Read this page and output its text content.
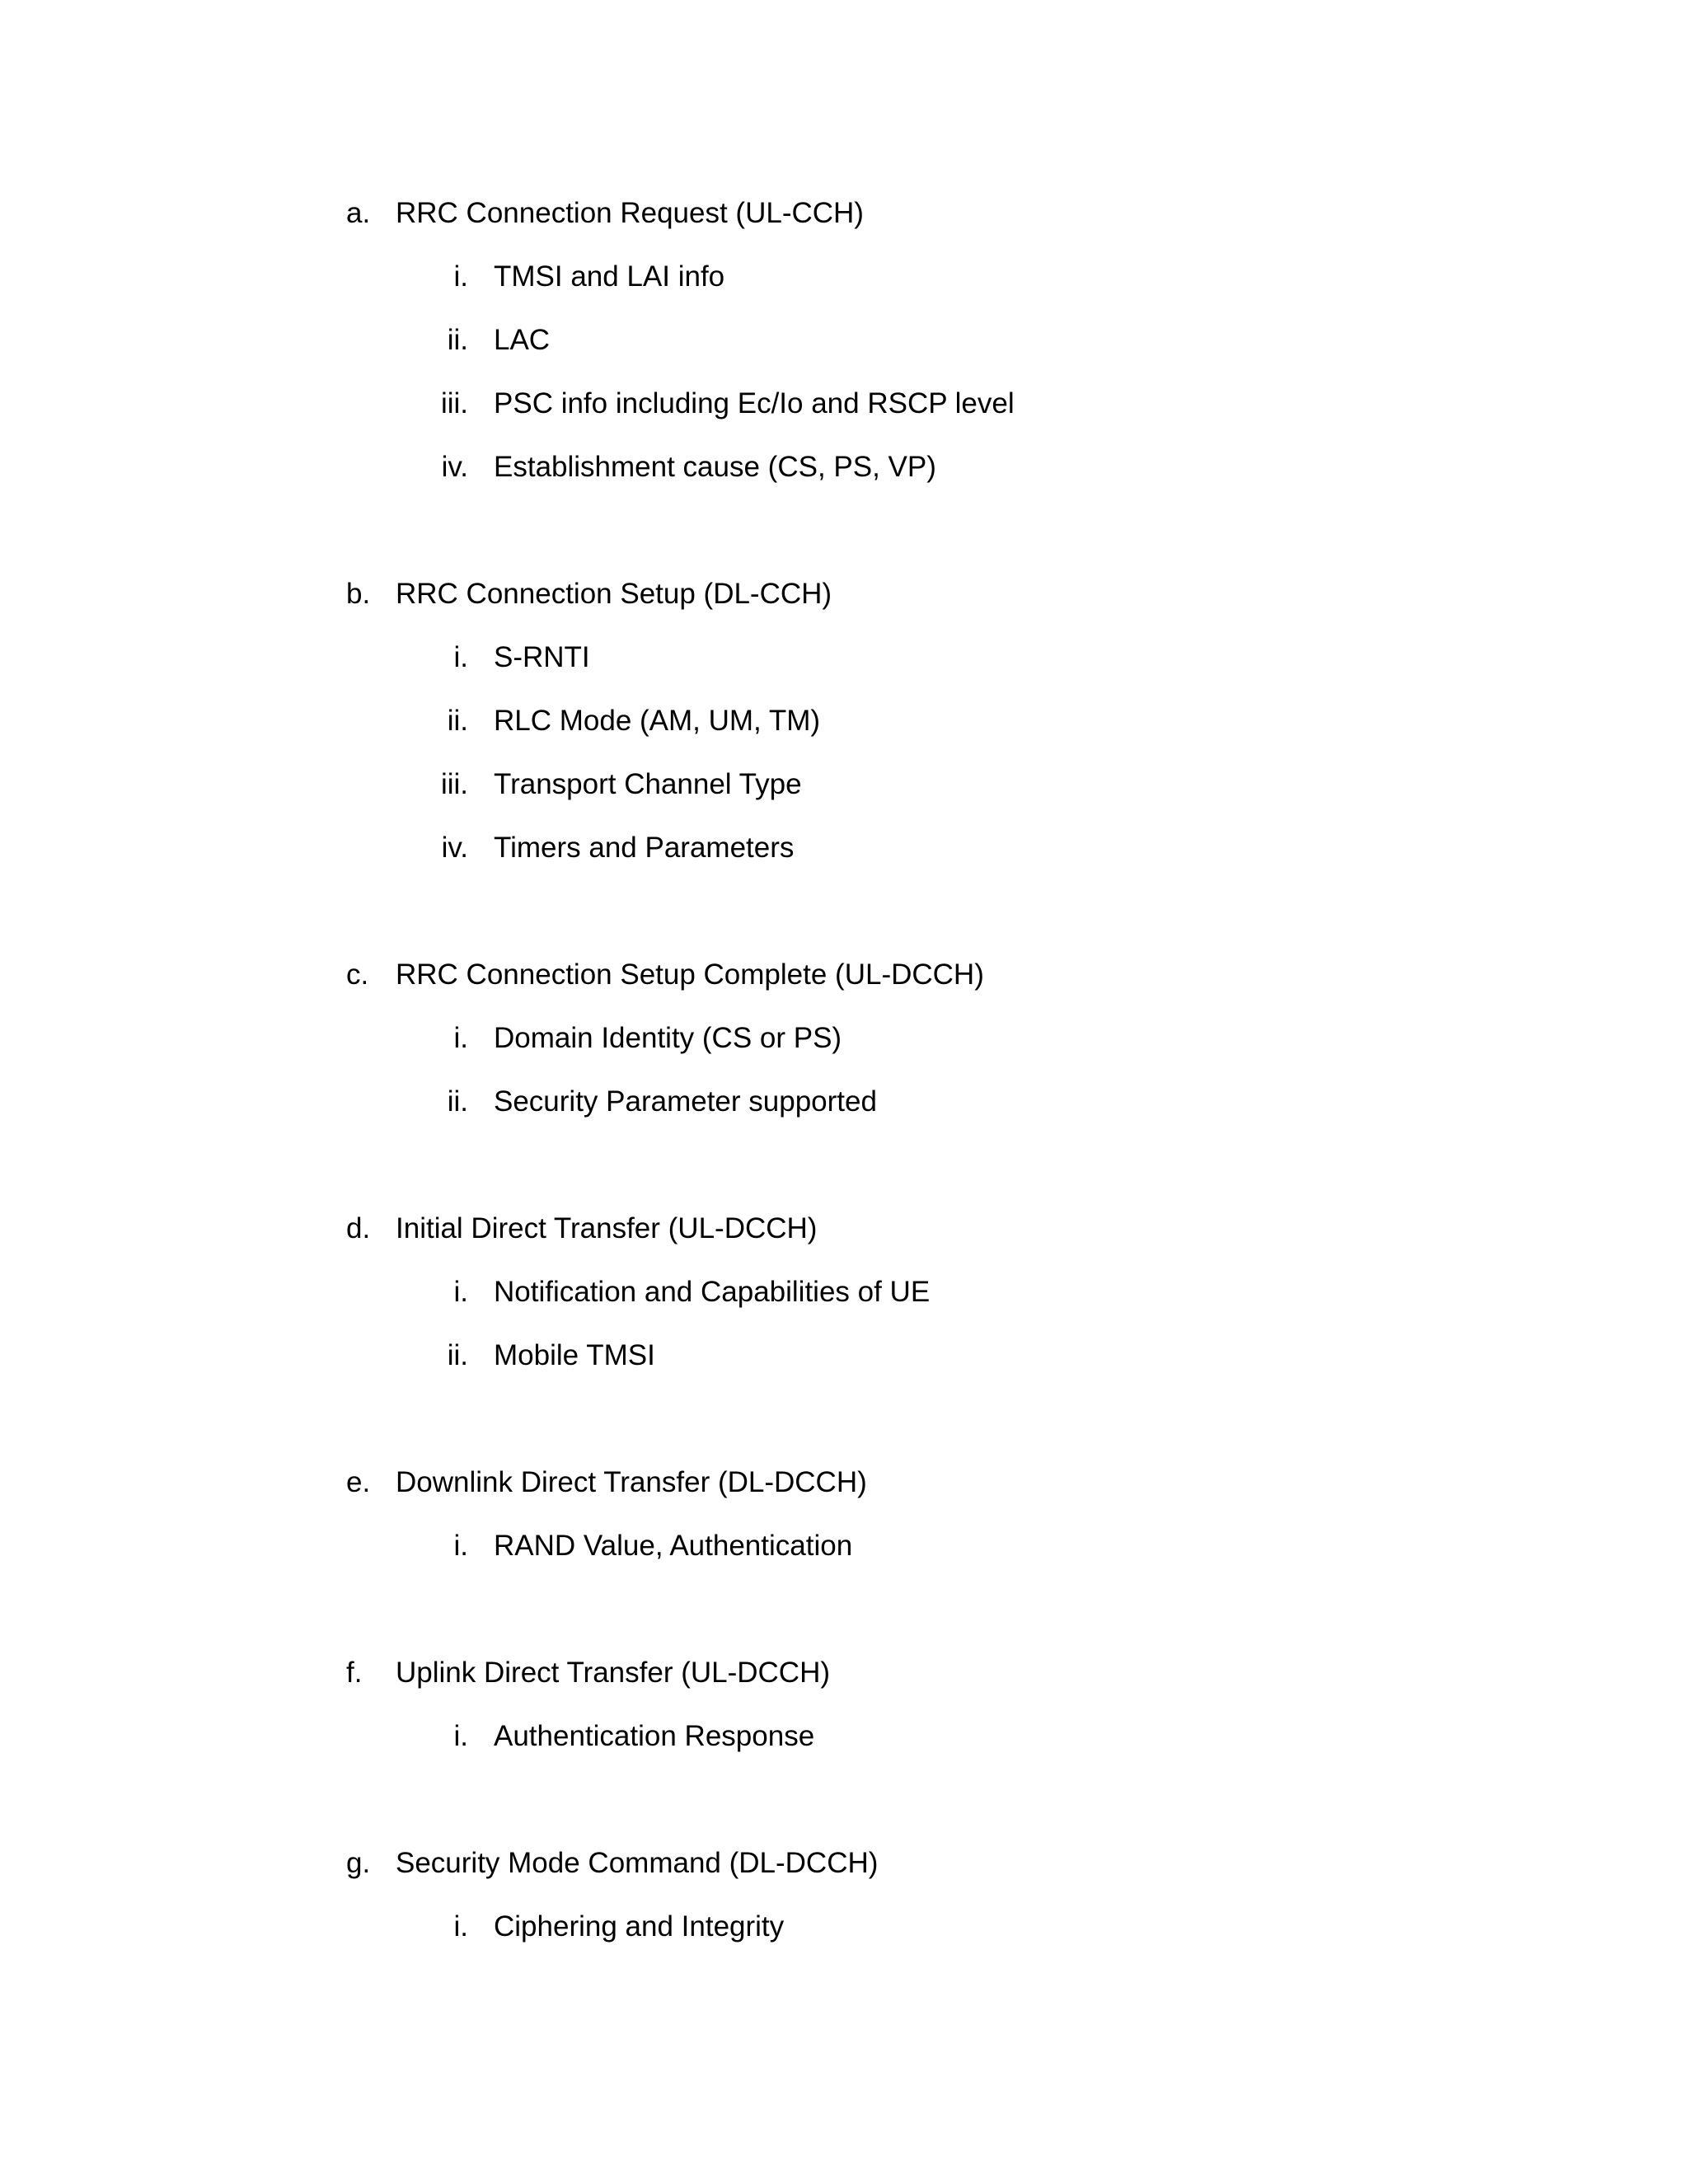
a. RRC Connection Request (UL-CCH)
i. TMSI and LAI info
ii. LAC
iii. PSC info including Ec/Io and RSCP level
iv. Establishment cause (CS, PS, VP)
b. RRC Connection Setup (DL-CCH)
i. S-RNTI
ii. RLC Mode (AM, UM, TM)
iii. Transport Channel Type
iv. Timers and Parameters
c. RRC Connection Setup Complete (UL-DCCH)
i. Domain Identity (CS or PS)
ii. Security Parameter supported
d. Initial Direct Transfer (UL-DCCH)
i. Notification and Capabilities of UE
ii. Mobile TMSI
e. Downlink Direct Transfer (DL-DCCH)
i. RAND Value, Authentication
f. Uplink Direct Transfer (UL-DCCH)
i. Authentication Response
g. Security Mode Command (DL-DCCH)
i. Ciphering and Integrity
